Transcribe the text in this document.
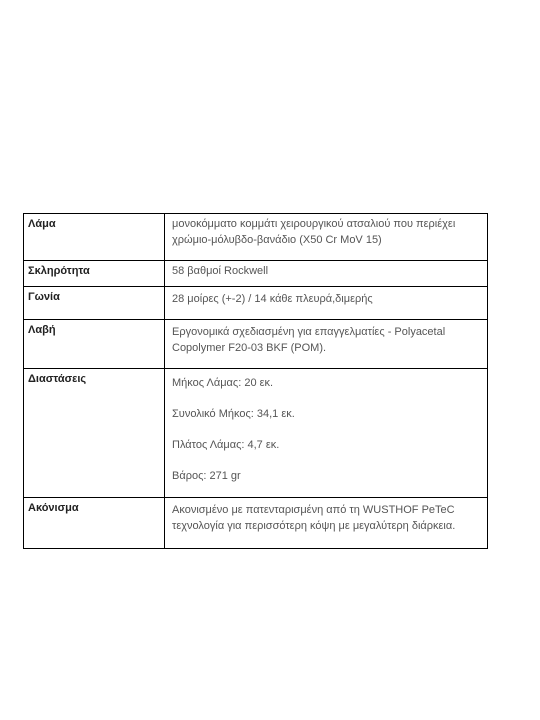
Λάμα	μονοκόμματο κομμάτι χειρουργικού ατσαλιού που περιέχει
χρώμιο-μόλυβδο-βανάδιο (X50 Cr MoV 15)

Σκληρότητα	58 βαθμοί Rockwell

Γωνία	28 μοίρες (+-2) / 14 κάθε πλευρά,διμερής

Λαβή	Εργονομικά σχεδιασμένη για επαγγελματίες - Polyacetal
Copolymer F20-03 BKF (POM).

Διαστάσεις	Μήκος Λάμας: 20 εκ.
Συνολικό Μήκος: 34,1 εκ.
Πλάτος Λάμας: 4,7 εκ.
Βάρος: 271 gr

Ακόνισμα	Ακονισμένο με πατενταρισμένη από τη WUSTHOF PeTeC
τεχνολογία για περισσότερη κόψη με μεγαλύτερη διάρκεια.
